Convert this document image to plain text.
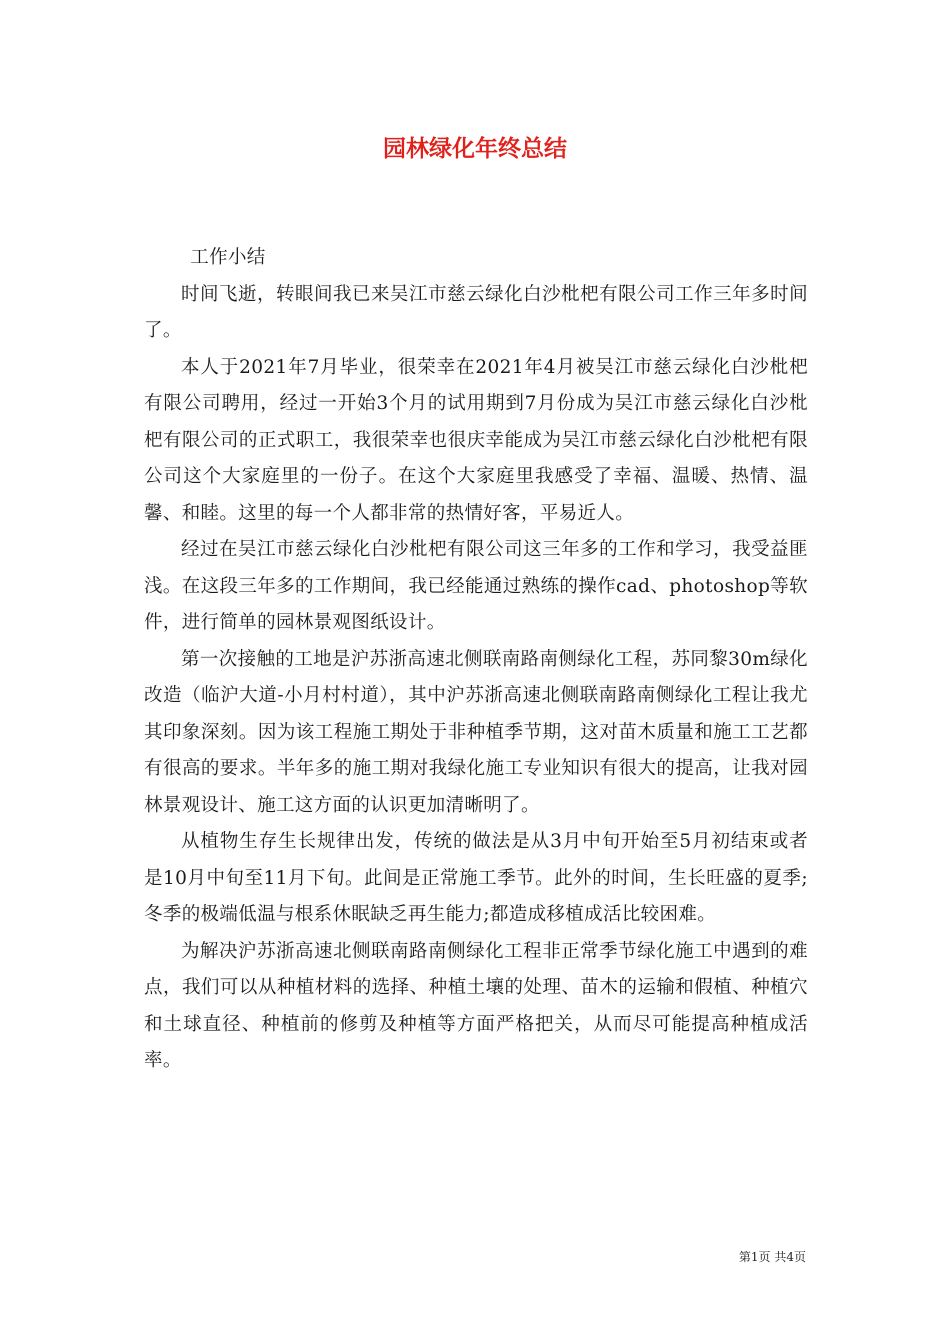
园林绿化年终总结

工作小结

时间飞逝，转眼间我已来吴江市慈云绿化白沙枇杷有限公司工作三年多时间了。

本人于2021年7月毕业，很荣幸在2021年4月被吴江市慈云绿化白沙枇杷有限公司聘用，经过一开始3个月的试用期到7月份成为吴江市慈云绿化白沙枇杷有限公司的正式职工，我很荣幸也很庆幸能成为吴江市慈云绿化白沙枇杷有限公司这个大家庭里的一份子。在这个大家庭里我感受了幸福、温暖、热情、温馨、和睦。这里的每一个人都非常的热情好客，平易近人。

经过在吴江市慈云绿化白沙枇杷有限公司这三年多的工作和学习，我受益匪浅。在这段三年多的工作期间，我已经能通过熟练的操作cad、photoshop等软件，进行简单的园林景观图纸设计。

第一次接触的工地是沪苏浙高速北侧联南路南侧绿化工程，苏同黎30m绿化改造（临沪大道-小月村村道），其中沪苏浙高速北侧联南路南侧绿化工程让我尤其印象深刻。因为该工程施工期处于非种植季节期，这对苗木质量和施工工艺都有很高的要求。半年多的施工期对我绿化施工专业知识有很大的提高，让我对园林景观设计、施工这方面的认识更加清晰明了。

从植物生存生长规律出发，传统的做法是从3月中旬开始至5月初结束或者是10月中旬至11月下旬。此间是正常施工季节。此外的时间，生长旺盛的夏季;冬季的极端低温与根系休眠缺乏再生能力;都造成移植成活比较困难。

为解决沪苏浙高速北侧联南路南侧绿化工程非正常季节绿化施工中遇到的难点，我们可以从种植材料的选择、种植土壤的处理、苗木的运输和假植、种植穴和土球直径、种植前的修剪及种植等方面严格把关，从而尽可能提高种植成活率。

第1页 共4页
